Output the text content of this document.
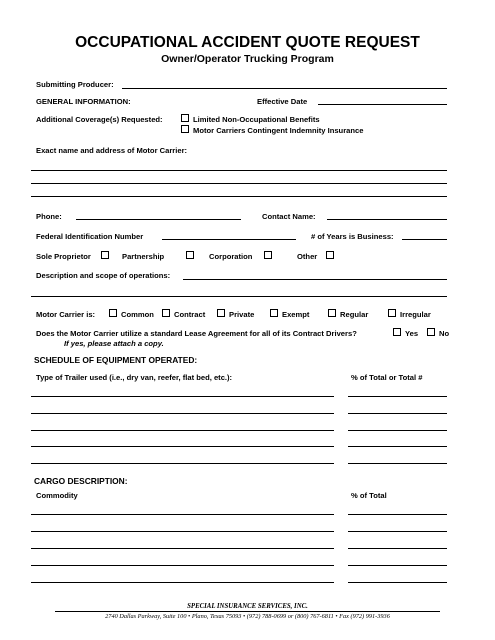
OCCUPATIONAL ACCIDENT QUOTE REQUEST
Owner/Operator Trucking Program
Submitting Producer:
GENERAL INFORMATION:	Effective Date
Additional Coverage(s) Requested:	Limited Non-Occupational Benefits
Motor Carriers Contingent Indemnity Insurance
Exact name and address of Motor Carrier:
Phone:	Contact Name:
Federal Identification Number	# of Years is Business:
Sole Proprietor	Partnership	Corporation	Other
Description and scope of operations:
Motor Carrier is:	Common	Contract	Private	Exempt	Regular	Irregular
Does the Motor Carrier utilize a standard Lease Agreement for all of its Contract Drivers?	Yes	No
If yes, please attach a copy.
SCHEDULE OF EQUIPMENT OPERATED:
Type of Trailer used (i.e., dry van, reefer, flat bed, etc.):	% of Total or Total #
CARGO DESCRIPTION:
Commodity	% of Total
SPECIAL INSURANCE SERVICES, INC.
2740 Dallas Parkway, Suite 100 • Plano, Texas 75093 • (972) 788-0699 or (800) 767-6811 • Fax (972) 991-3936
